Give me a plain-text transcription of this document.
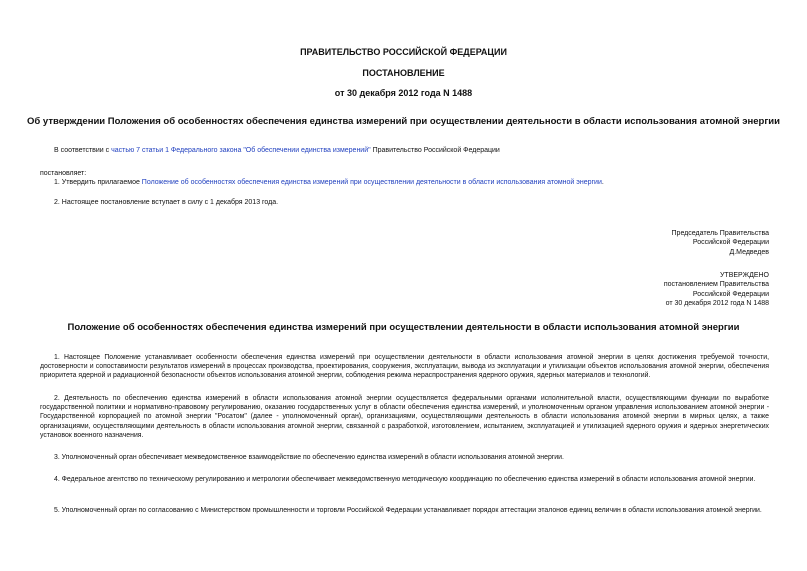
ПРАВИТЕЛЬСТВО РОССИЙСКОЙ ФЕДЕРАЦИИ
ПОСТАНОВЛЕНИЕ
от 30 декабря 2012 года N 1488
Об утверждении Положения об особенностях обеспечения единства измерений при осуществлении деятельности в области использования атомной энергии
В соответствии с частью 7 статьи 1 Федерального закона "Об обеспечении единства измерений" Правительство Российской Федерации
постановляет:
1. Утвердить прилагаемое Положение об особенностях обеспечения единства измерений при осуществлении деятельности в области использования атомной энергии.
2. Настоящее постановление вступает в силу с 1 декабря 2013 года.
Председатель Правительства
Российской Федерации
Д.Медведев
УТВЕРЖДЕНО
постановлением Правительства
Российской Федерации
от 30 декабря 2012 года N 1488
Положение об особенностях обеспечения единства измерений при осуществлении деятельности в области использования атомной энергии

1. Настоящее Положение устанавливает особенности обеспечения единства измерений при осуществлении деятельности в области использования атомной энергии в целях достижения требуемой точности, достоверности и сопоставимости результатов измерений в процессах производства, проектирования, сооружения, эксплуатации, вывода из эксплуатации и утилизации объектов использования атомной энергии, обеспечения приоритета ядерной и радиационной безопасности объектов использования атомной энергии, соблюдения режима нераспространения ядерного оружия, ядерных материалов и технологий.

2. Деятельность по обеспечению единства измерений в области использования атомной энергии осуществляется федеральными органами исполнительной власти, осуществляющими функции по выработке государственной политики и нормативно-правовому регулированию, оказанию государственных услуг в области обеспечения единства измерений, и уполномоченным органом управления использованием атомной энергии - Государственной корпорацией по атомной энергии "Росатом" (далее - уполномоченный орган), организациями, осуществляющими деятельность в области использования атомной энергии в мирных целях, а также организациями, осуществляющими деятельность в области использования атомной энергии, связанной с разработкой, изготовлением, испытанием, эксплуатацией и утилизацией ядерного оружия и ядерных энергетических установок военного назначения.

3. Уполномоченный орган обеспечивает межведомственное взаимодействие по обеспечению единства измерений в области использования атомной энергии.

4. Федеральное агентство по техническому регулированию и метрологии обеспечивает межведомственную методическую координацию по обеспечению единства измерений в области использования атомной энергии.

5. Уполномоченный орган по согласованию с Министерством промышленности и торговли Российской Федерации устанавливает порядок аттестации эталонов единиц величин в области использования атомной энергии.
